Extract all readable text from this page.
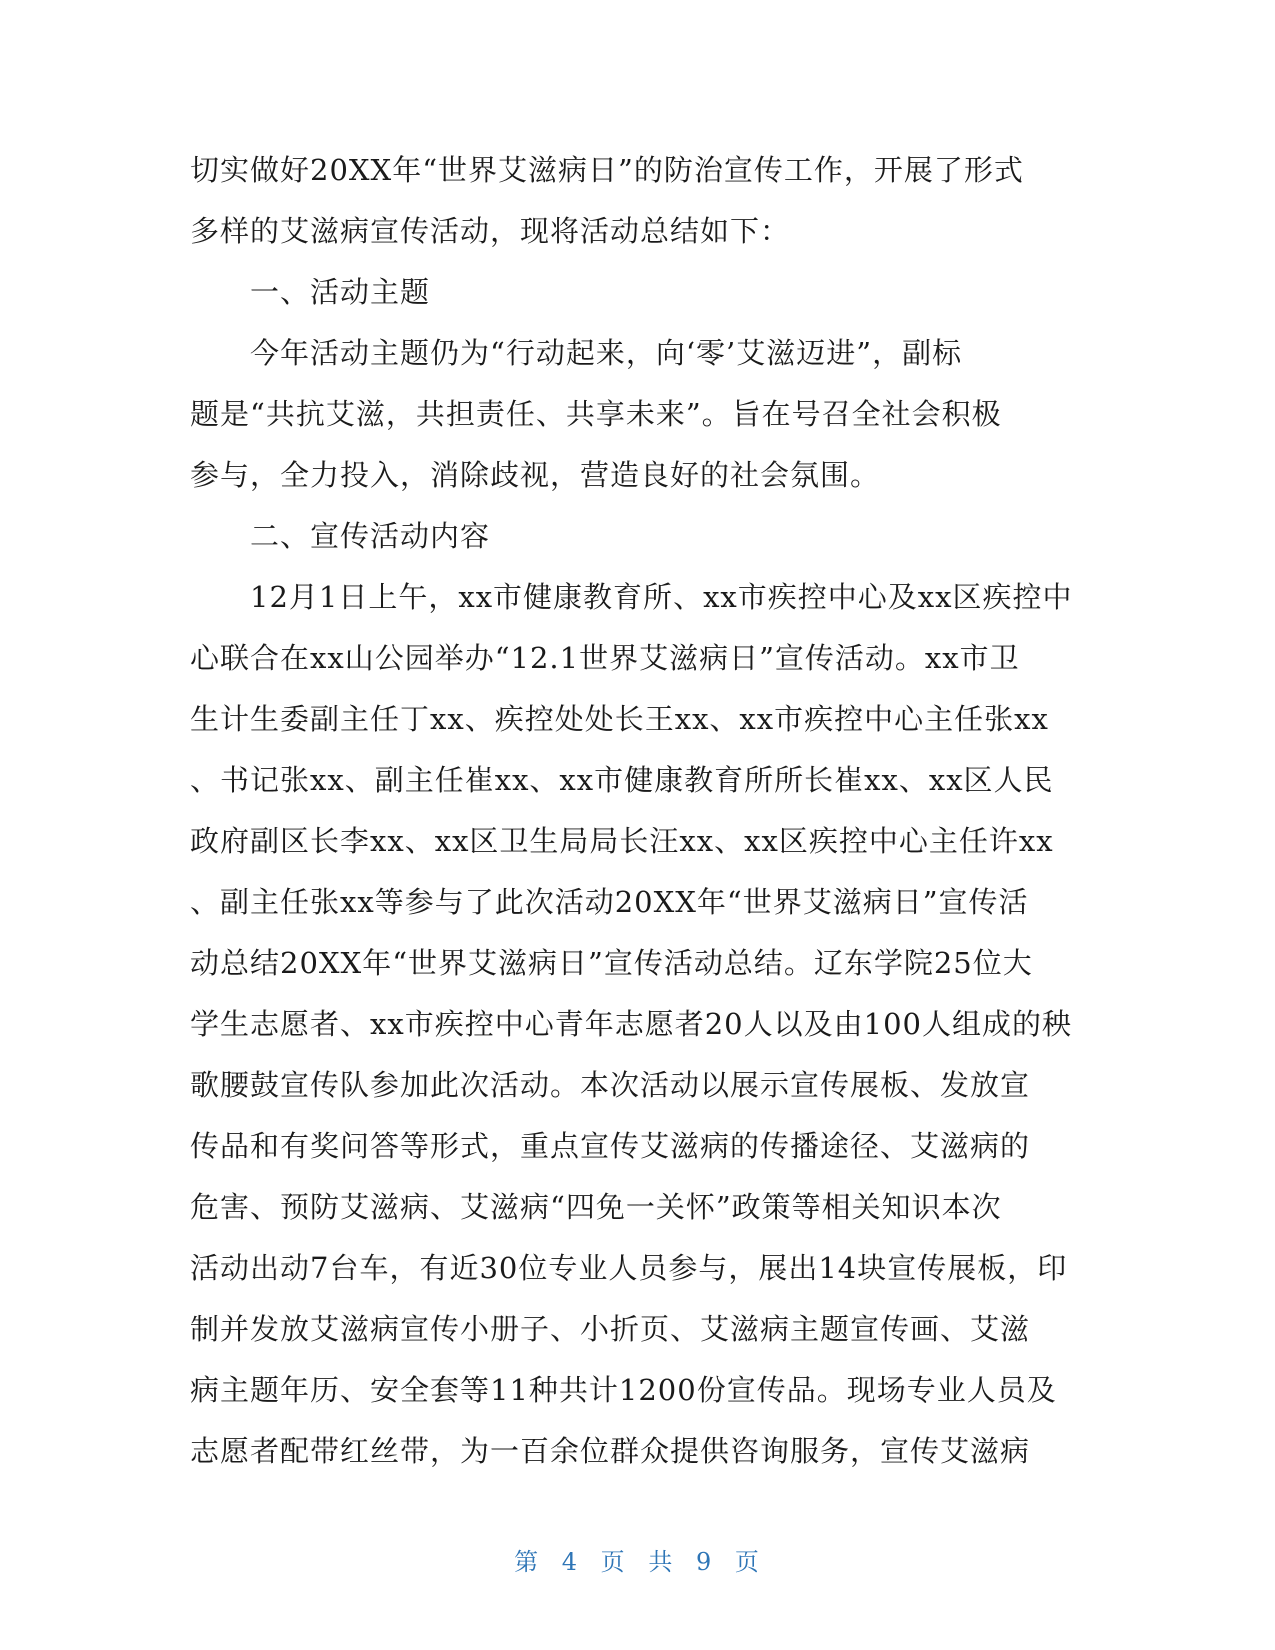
切实做好20XX年“世界艾滋病日”的防治宣传工作，开展了形式
多样的艾滋病宣传活动，现将活动总结如下：
一、活动主题
今年活动主题仍为“行动起来，向‘零’艾滋迈进”，副标
题是“共抗艾滋，共担责任、共享未来”。旨在号召全社会积极
参与，全力投入，消除歧视，营造良好的社会氛围。
二、宣传活动内容
12月1日上午，xx市健康教育所、xx市疾控中心及xx区疾控中
心联合在xx山公园举办“12.1世界艾滋病日”宣传活动。xx市卫
生计生委副主任丁xx、疾控处处长王xx、xx市疾控中心主任张xx
、书记张xx、副主任崔xx、xx市健康教育所所长崔xx、xx区人民
政府副区长李xx、xx区卫生局局长汪xx、xx区疾控中心主任许xx
、副主任张xx等参与了此次活动20XX年“世界艾滋病日”宣传活
动总结20XX年“世界艾滋病日”宣传活动总结。辽东学院25位大
学生志愿者、xx市疾控中心青年志愿者20人以及由100人组成的秧
歌腰鼓宣传队参加此次活动。本次活动以展示宣传展板、发放宣
传品和有奖问答等形式，重点宣传艾滋病的传播途径、艾滋病的
危害、预防艾滋病、艾滋病“四免一关怀”政策等相关知识本次
活动出动7台车，有近30位专业人员参与，展出14块宣传展板，印
制并发放艾滋病宣传小册子、小折页、艾滋病主题宣传画、艾滋
病主题年历、安全套等11种共计1200份宣传品。现场专业人员及
志愿者配带红丝带，为一百余位群众提供咨询服务，宣传艾滋病
第 4 页 共 9 页
